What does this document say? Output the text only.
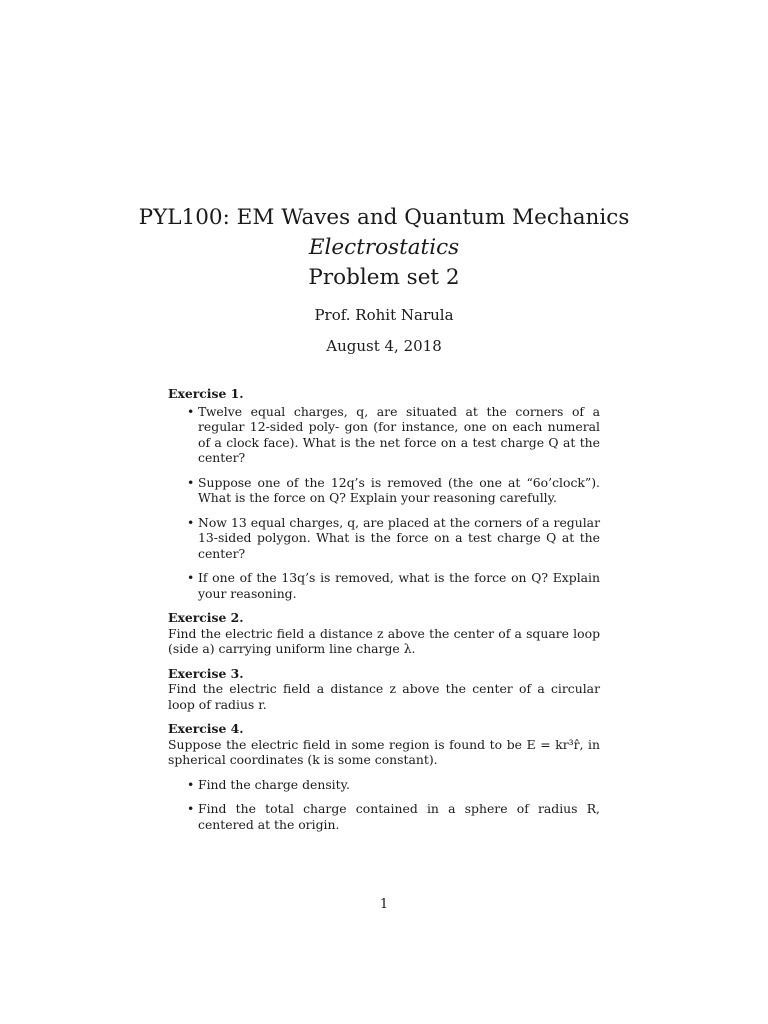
PYL100: EM Waves and Quantum Mechanics
Electrostatics
Problem set 2
Prof. Rohit Narula
August 4, 2018

Exercise 1.

• Twelve equal charges, q, are situated at the corners of a regular 12-sided poly- gon (for instance, one on each numeral of a clock face). What is the net force on a test charge Q at the center?
• Suppose one of the 12q’s is removed (the one at “6o’clock”). What is the force on Q? Explain your reasoning carefully.
• Now 13 equal charges, q, are placed at the corners of a regular 13-sided polygon. What is the force on a test charge Q at the center?
• If one of the 13q’s is removed, what is the force on Q? Explain your reasoning.

Exercise 2.

Find the electric field a distance z above the center of a square loop (side a) carrying uniform line charge λ.

Exercise 3.

Find the electric field a distance z above the center of a circular loop of radius r.

Exercise 4.

Suppose the electric field in some region is found to be E = kr³r̂, in spherical coordinates (k is some constant).

• Find the charge density.
• Find the total charge contained in a sphere of radius R, centered at the origin.
1
